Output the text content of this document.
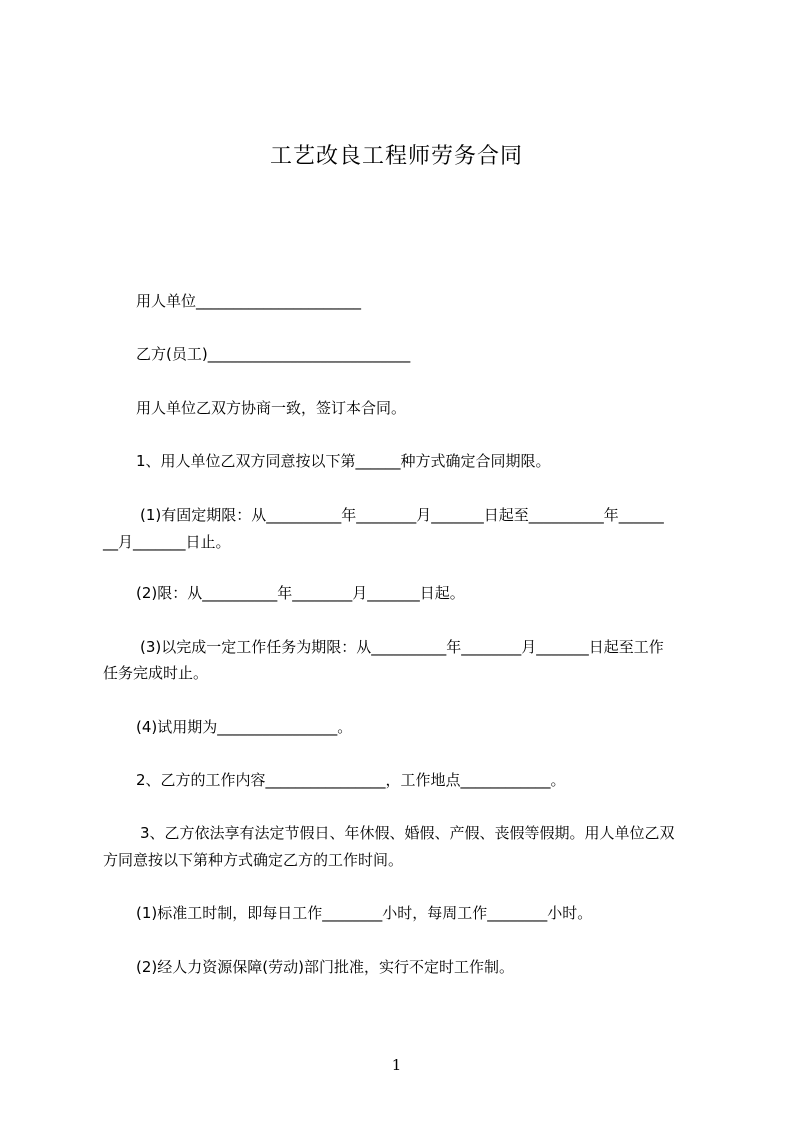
工艺改良工程师劳务合同
用人单位______________________
乙方(员工)___________________________
用人单位乙双方协商一致，签订本合同。
1、用人单位乙双方同意按以下第______种方式确定合同期限。
(1)有固定期限：从__________年________月_______日起至__________年______
__月_______日止。
(2)限：从__________年________月_______日起。
(3)以完成一定工作任务为期限：从__________年________月_______日起至工作
任务完成时止。
(4)试用期为________________。
2、乙方的工作内容________________，工作地点____________。
3、乙方依法享有法定节假日、年休假、婚假、产假、丧假等假期。用人单位乙双
方同意按以下第种方式确定乙方的工作时间。
(1)标准工时制，即每日工作________小时，每周工作________小时。
(2)经人力资源保障(劳动)部门批准，实行不定时工作制。
1
